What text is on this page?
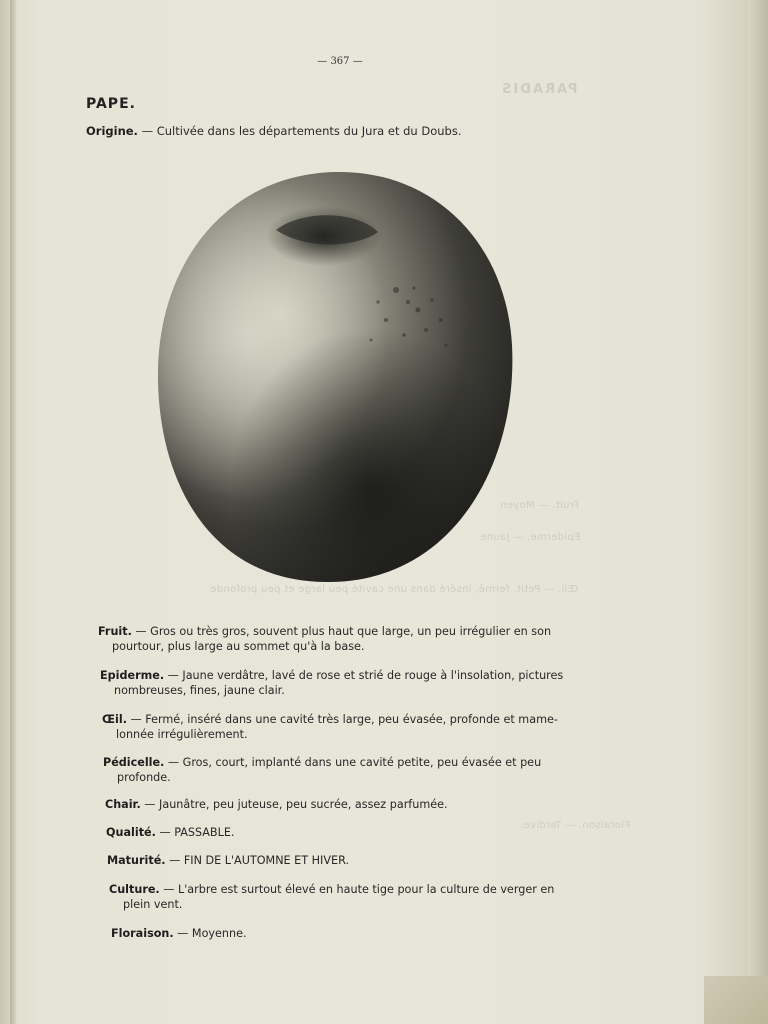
PARADIS
Fruit. — Moyen
Epiderme. — Jaune
Œil. — Petit, fermé, inséré dans une cavité peu large et peu profonde
Floraison. — Tardive.
— 367 —
PAPE.
Origine. — Cultivée dans les départements du Jura et du Doubs.
Fruit. — Gros ou très gros, souvent plus haut que large, un peu irrégulier en son
pourtour, plus large au sommet qu'à la base.
Epiderme. — Jaune verdâtre, lavé de rose et strié de rouge à l'insolation, pictures
nombreuses, fines, jaune clair.
Œil. — Fermé, inséré dans une cavité très large, peu évasée, profonde et mame-
lonnée irrégulièrement.
Pédicelle. — Gros, court, implanté dans une cavité petite, peu évasée et peu
profonde.
Chair. — Jaunâtre, peu juteuse, peu sucrée, assez parfumée.
Qualité. — PASSABLE.
Maturité. — FIN DE L'AUTOMNE ET HIVER.
Culture. — L'arbre est surtout élevé en haute tige pour la culture de verger en
plein vent.
Floraison. — Moyenne.
